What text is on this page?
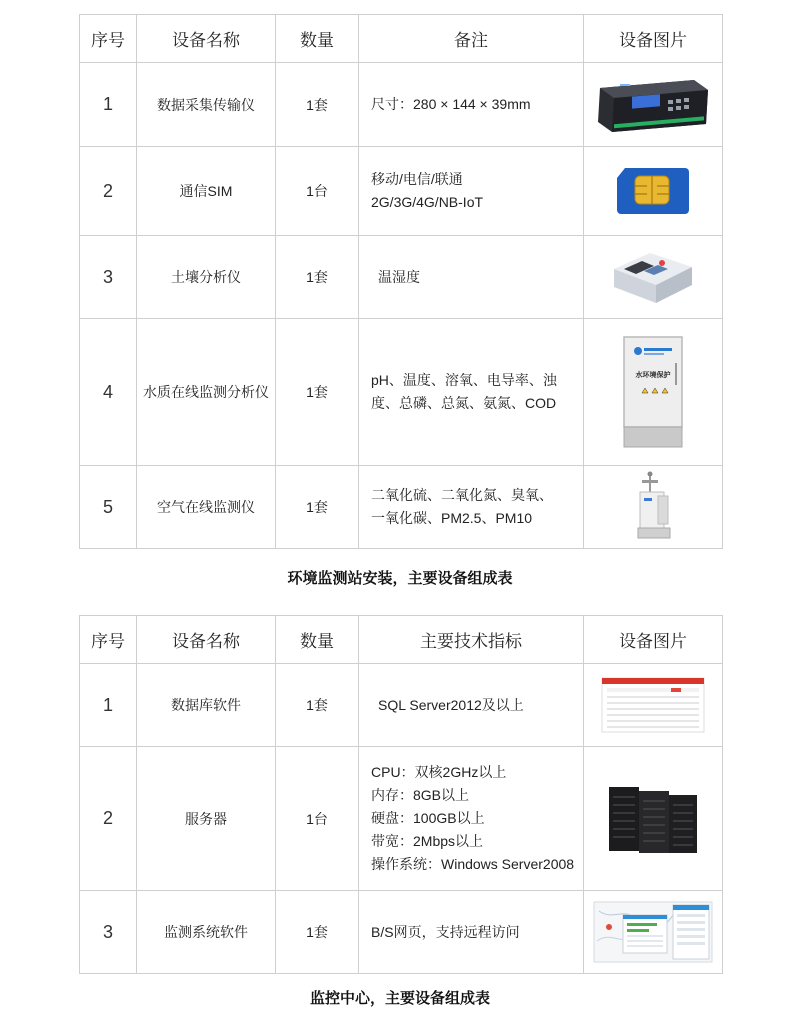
序号	设备名称	数量	备注	设备图片
1	数据采集传输仪	1套	尺寸：280 × 144 × 39mm

2	通信SIM	1台	移动/电信/联通
2G/3G/4G/NB-IoT

3	土壤分析仪	1套	温湿度

4	水质在线监测分析仪	1套	pH、温度、溶氧、电导率、浊
度、总磷、总氮、氨氮、COD	水环境保护

5	空气在线监测仪	1套	二氧化硫、二氧化氮、臭氧、
一氧化碳、PM2.5、PM10

环境监测站安装，主要设备组成表
序号	设备名称	数量	主要技术指标	设备图片
1	数据库软件	1套	SQL Server2012及以上

2	服务器	1台	CPU：双核2GHz以上
内存：8GB以上
硬盘：100GB以上
带宽：2Mbps以上
操作系统：Windows Server2008

3	监测系统软件	1套	B/S网页，支持远程访问

监控中心，主要设备组成表
